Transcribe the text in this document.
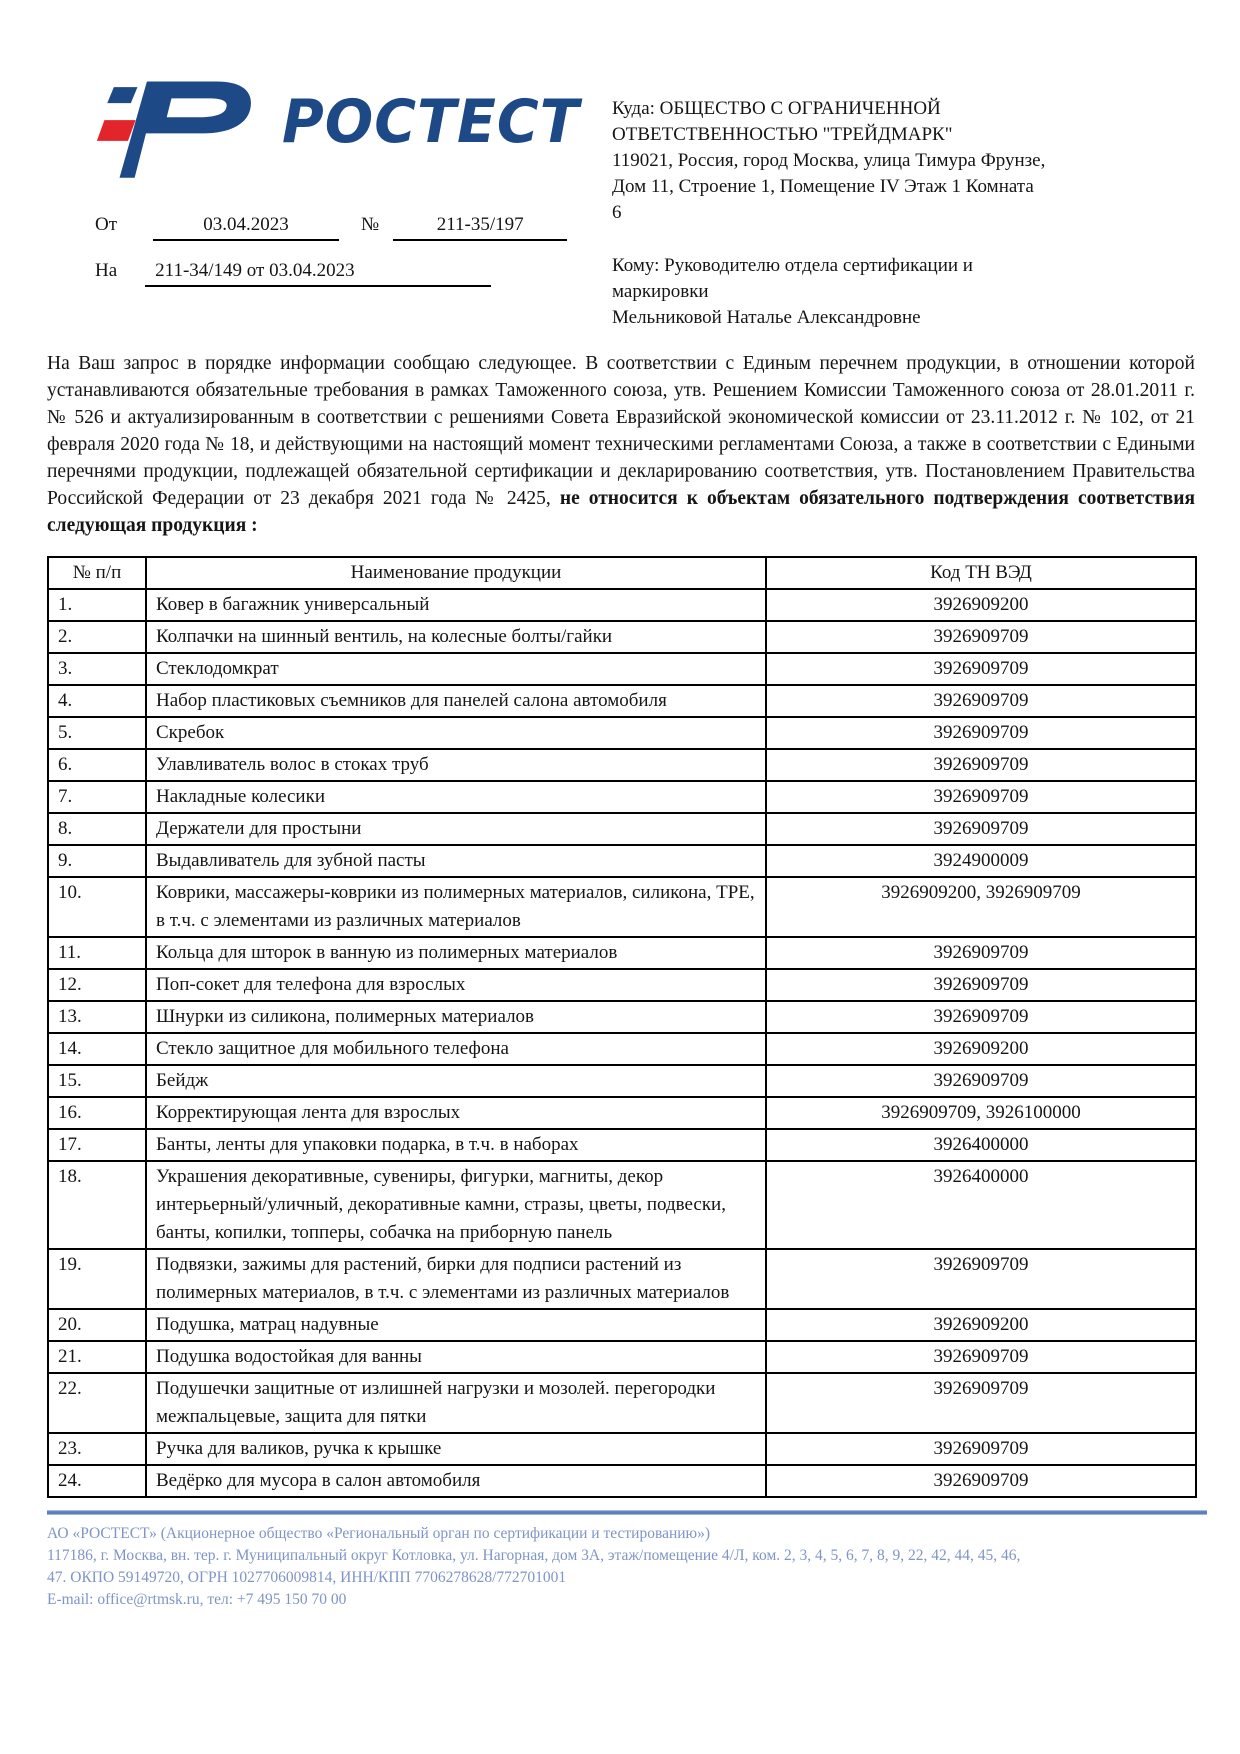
РОСТЕСТ Куда: ОБЩЕСТВО С ОГРАНИЧЕННОЙ ОТВЕТСТВЕННОСТЬЮ "ТРЕЙДМАРК"
119021, Россия, город Москва, улица Тимура Фрунзе, Дом 11, Строение 1, Помещение IV Этаж 1 Комната 6
Кому: Руководителю отдела сертификации и маркировки
Мельниковой Наталье Александровне
От	03.04.2023	№	211-35/197
На	211-34/149 от 03.04.2023

На Ваш запрос в порядке информации сообщаю следующее. В соответствии с Единым перечнем продукции, в отношении которой устанавливаются обязательные требования в рамках Таможенного союза, утв. Решением Комиссии Таможенного союза от 28.01.2011 г. № 526 и актуализированным в соответствии с решениями Совета Евразийской экономической комиссии от 23.11.2012 г. № 102, от 21 февраля 2020 года № 18, и действующими на настоящий момент техническими регламентами Союза, а также в соответствии с Едиными перечнями продукции, подлежащей обязательной сертификации и декларированию соответствия, утв. Постановлением Правительства Российской Федерации от 23 декабря 2021 года № 2425, не относится к объектам обязательного подтверждения соответствия следующая продукция :

№ п/п	Наименование продукции	Код ТН ВЭД
1.	Ковер в багажник универсальный	3926909200
2.	Колпачки на шинный вентиль, на колесные болты/гайки	3926909709
3.	Стеклодомкрат	3926909709
4.	Набор пластиковых съемников для панелей салона автомобиля	3926909709
5.	Скребок	3926909709
6.	Улавливатель волос в стоках труб	3926909709
7.	Накладные колесики	3926909709
8.	Держатели для простыни	3926909709
9.	Выдавливатель для зубной пасты	3924900009
10.	Коврики, массажеры-коврики из полимерных материалов, силикона, TPE, в т.ч. с элементами из различных материалов	3926909200, 3926909709
11.	Кольца для шторок в ванную из полимерных материалов	3926909709
12.	Поп-сокет для телефона для взрослых	3926909709
13.	Шнурки из силикона, полимерных материалов	3926909709
14.	Стекло защитное для мобильного телефона	3926909200
15.	Бейдж	3926909709
16.	Корректирующая лента для взрослых	3926909709, 3926100000
17.	Банты, ленты для упаковки подарка, в т.ч. в наборах	3926400000
18.	Украшения декоративные, сувениры, фигурки, магниты, декор интерьерный/уличный, декоративные камни, стразы, цветы, подвески, банты, копилки, топперы, собачка на приборную панель	3926400000
19.	Подвязки, зажимы для растений, бирки для подписи растений из полимерных материалов, в т.ч. с элементами из различных материалов	3926909709
20.	Подушка, матрац надувные	3926909200
21.	Подушка водостойкая для ванны	3926909709
22.	Подушечки защитные от излишней нагрузки и мозолей. перегородки межпальцевые, защита для пятки	3926909709
23.	Ручка для валиков, ручка к крышке	3926909709
24.	Ведёрко для мусора в салон автомобиля	3926909709
АО «РОСТЕСТ» (Акционерное общество «Региональный орган по сертификации и тестированию»)
117186, г. Москва, вн. тер. г. Муниципальный округ Котловка, ул. Нагорная, дом 3А, этаж/помещение 4/Л, ком. 2, 3, 4, 5, 6, 7, 8, 9, 22, 42, 44, 45, 46,
47. ОКПО 59149720, ОГРН 1027706009814, ИНН/КПП 7706278628/772701001
E-mail: office@rtmsk.ru, тел: +7 495 150 70 00
